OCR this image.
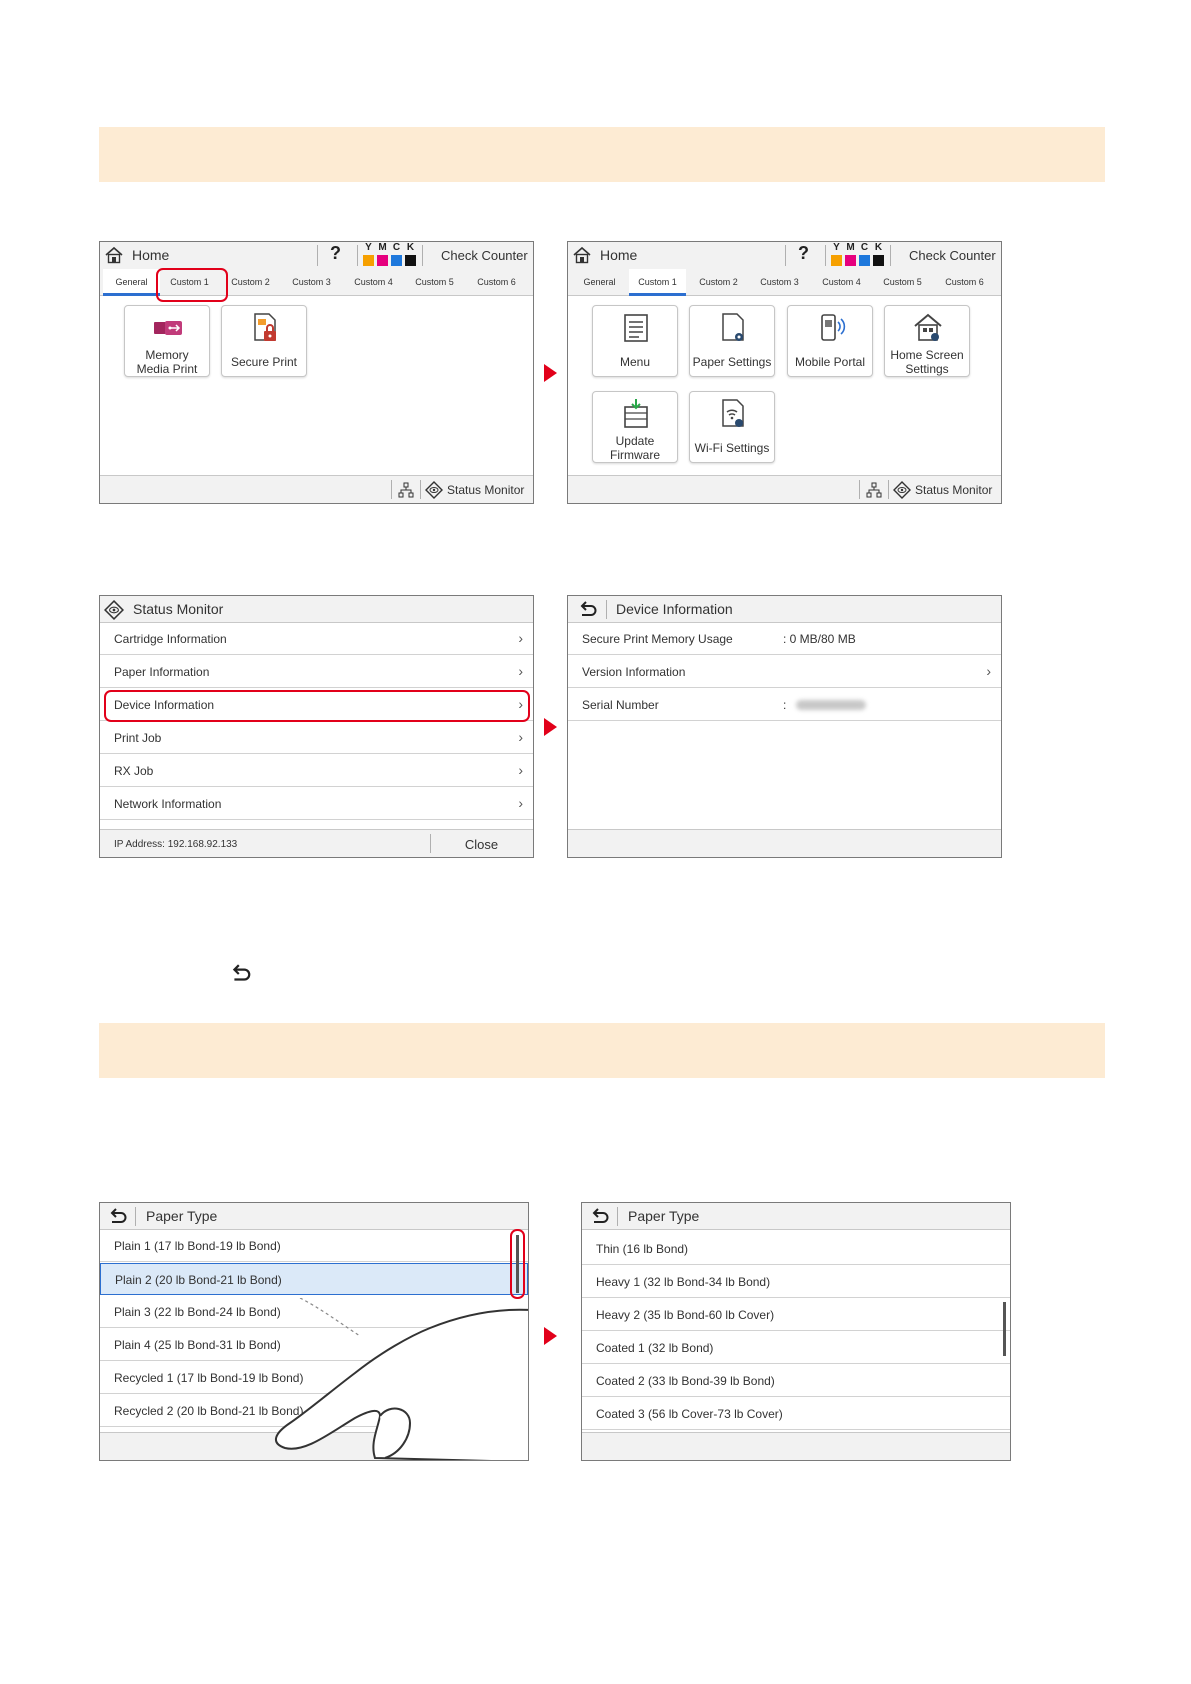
Home	?	Y M C K
Check Counter
General	Custom 1	Custom 2	Custom 3	Custom 4	Custom 5	Custom 6
Memory
Media Print	Secure Print
Status Monitor
Home	?	Y M C K
Check Counter
General	Custom 1	Custom 2	Custom 3	Custom 4	Custom 5	Custom 6
Menu	Paper Settings	Mobile Portal	Home Screen
Settings
Update
Firmware	Wi-Fi Settings
Status Monitor
Status Monitor
Cartridge Information	›
Paper Information	›
Device Information	›
Print Job	›
RX Job	›
Network Information	›
IP Address: 192.168.92.133	Close
Device Information
Secure Print Memory Usage	: 0 MB/80 MB
Version Information	›
Serial Number	:
Paper Type
Plain 1 (17 lb Bond-19 lb Bond)
Plain 2 (20 lb Bond-21 lb Bond)
Plain 3 (22 lb Bond-24 lb Bond)
Plain 4 (25 lb Bond-31 lb Bond)
Recycled 1 (17 lb Bond-19 lb Bond)
Recycled 2 (20 lb Bond-21 lb Bond)
Paper Type
Thin (16 lb Bond)
Heavy 1 (32 lb Bond-34 lb Bond)
Heavy 2 (35 lb Bond-60 lb Cover)
Coated 1 (32 lb Bond)
Coated 2 (33 lb Bond-39 lb Bond)
Coated 3 (56 lb Cover-73 lb Cover)
